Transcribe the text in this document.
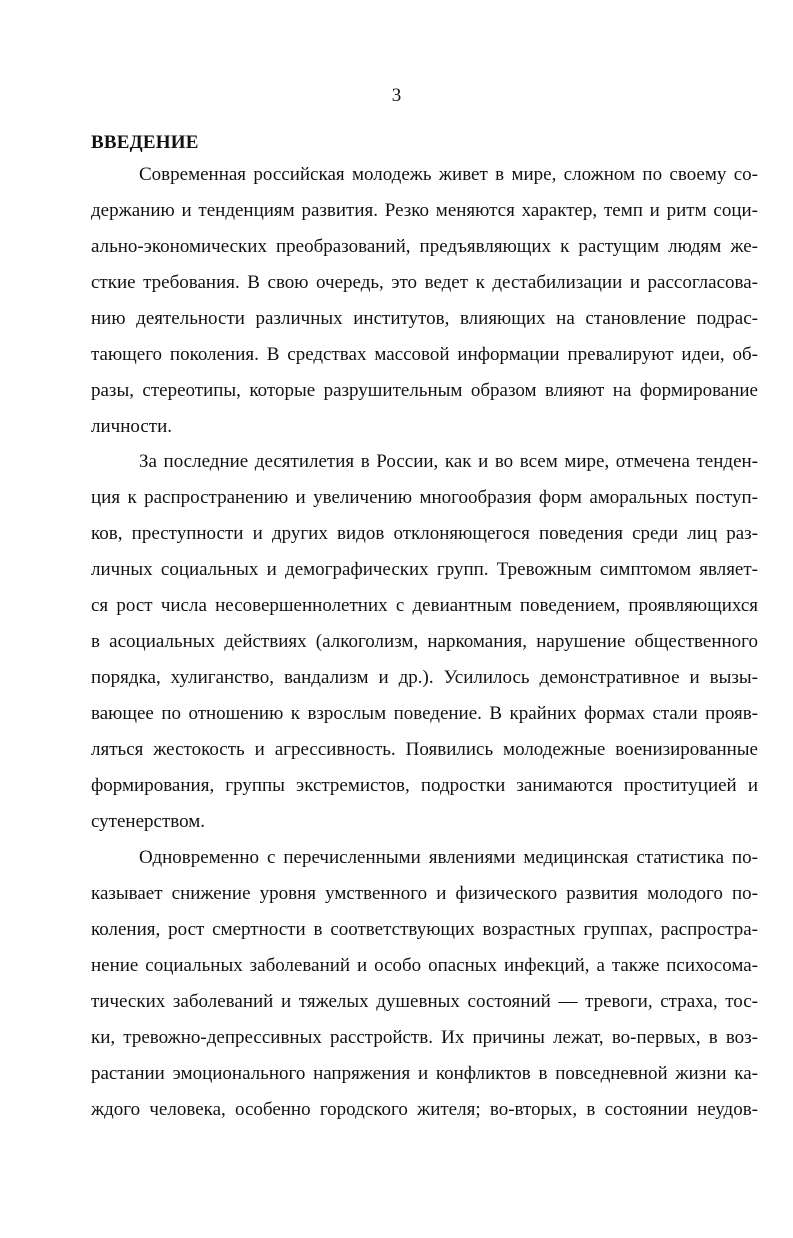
3
ВВЕДЕНИЕ
Современная российская молодежь живет в мире, сложном по своему со-
держанию и тенденциям развития. Резко меняются характер, темп и ритм соци-
ально-экономических преобразований, предъявляющих к растущим людям же-
сткие требования. В свою очередь, это ведет к дестабилизации и рассогласова-
нию деятельности различных институтов, влияющих на становление подрас-
тающего поколения. В средствах массовой информации превалируют идеи, об-
разы, стереотипы, которые разрушительным образом влияют на формирование
личности.
За последние десятилетия в России, как и во всем мире, отмечена тенден-
ция к распространению и увеличению многообразия форм аморальных поступ-
ков, преступности и других видов отклоняющегося поведения среди лиц раз-
личных социальных и демографических групп. Тревожным симптомом являет-
ся рост числа несовершеннолетних с девиантным поведением, проявляющихся
в асоциальных действиях (алкоголизм, наркомания, нарушение общественного
порядка, хулиганство, вандализм и др.). Усилилось демонстративное и вызы-
вающее по отношению к взрослым поведение. В крайних формах стали прояв-
ляться жестокость и агрессивность. Появились молодежные военизированные
формирования, группы экстремистов, подростки занимаются проституцией и
сутенерством.
Одновременно с перечисленными явлениями медицинская статистика по-
казывает снижение уровня умственного и физического развития молодого по-
коления, рост смертности в соответствующих возрастных группах, распростра-
нение социальных заболеваний и особо опасных инфекций, а также психосома-
тических заболеваний и тяжелых душевных состояний — тревоги, страха, тос-
ки, тревожно-депрессивных расстройств. Их причины лежат, во-первых, в воз-
растании эмоционального напряжения и конфликтов в повседневной жизни ка-
ждого человека, особенно городского жителя; во-вторых, в состоянии неудов-
